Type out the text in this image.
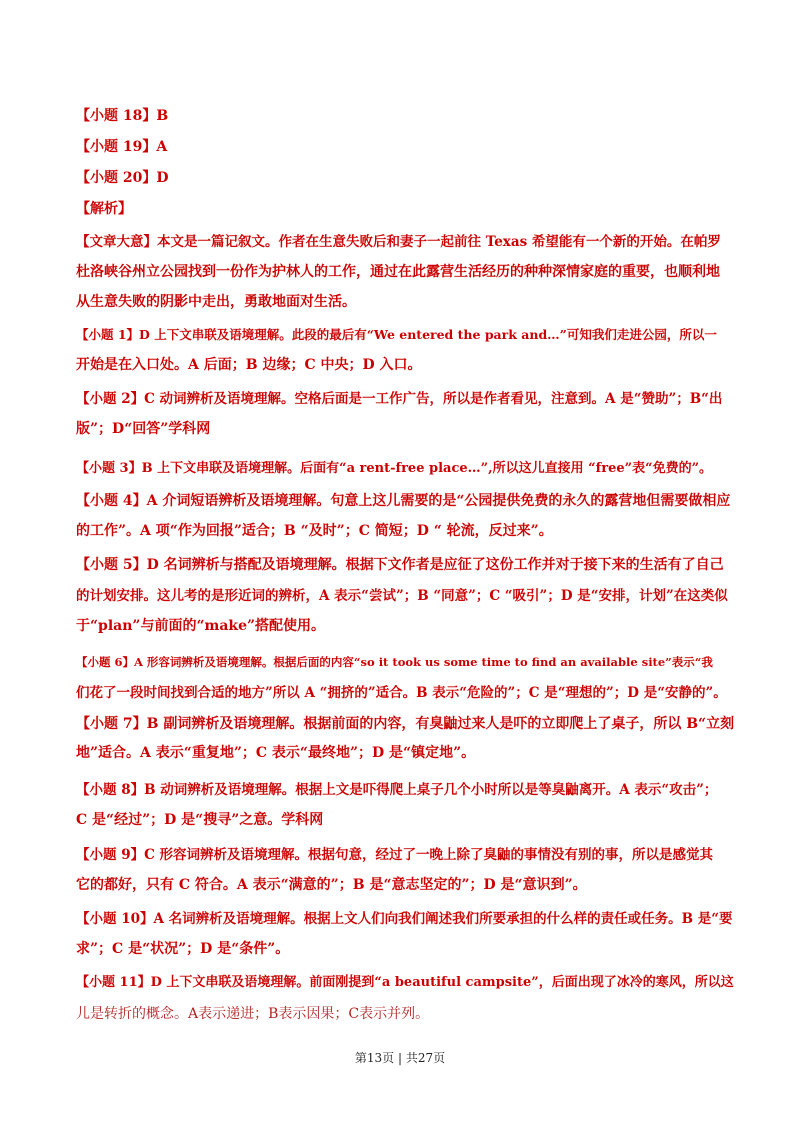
【小题 18】B
【小题 19】A
【小题 20】D
【解析】
【文章大意】本文是一篇记叙文。作者在生意失败后和妻子一起前往 Texas 希望能有一个新的开始。在帕罗
杜洛峡谷州立公园找到一份作为护林人的工作，通过在此露营生活经历的种种深情家庭的重要，也顺利地
从生意失败的阴影中走出，勇敢地面对生活。
【小题 1】D 上下文串联及语境理解。此段的最后有“We entered the park and…”可知我们走进公园，所以一
开始是在入口处。A 后面；B 边缘；C 中央；D 入口。
【小题 2】C 动词辨析及语境理解。空格后面是一工作广告，所以是作者看见，注意到。A 是“赞助”；B“出
版”；D“回答”学科网
【小题 3】B 上下文串联及语境理解。后面有“a rent-free place…”,所以这儿直接用 “free”表“免费的”。
【小题 4】A 介词短语辨析及语境理解。句意上这儿需要的是“公园提供免费的永久的露营地但需要做相应
的工作”。A 项“作为回报”适合；B “及时”；C 简短；D “ 轮流，反过来”。
【小题 5】D 名词辨析与搭配及语境理解。根据下文作者是应征了这份工作并对于接下来的生活有了自己
的计划安排。这儿考的是形近词的辨析，A 表示“尝试”；B “同意”；C “吸引”；D 是“安排，计划”在这类似
于“plan”与前面的“make”搭配使用。
【小题 6】A 形容词辨析及语境理解。根据后面的内容“so it took us some time to find an available site”表示“我
们花了一段时间找到合适的地方”所以 A “拥挤的”适合。B 表示“危险的”；C 是“理想的”；D 是“安静的”。
【小题 7】B 副词辨析及语境理解。根据前面的内容，有臭鼬过来人是吓的立即爬上了桌子，所以 B“立刻
地”适合。A 表示“重复地”；C 表示“最终地”；D 是“镇定地”。
【小题 8】B 动词辨析及语境理解。根据上文是吓得爬上桌子几个小时所以是等臭鼬离开。A 表示“攻击”；
C 是“经过”；D 是“搜寻”之意。学科网
【小题 9】C 形容词辨析及语境理解。根据句意，经过了一晚上除了臭鼬的事情没有别的事，所以是感觉其
它的都好，只有 C 符合。A 表示“满意的”；B 是“意志坚定的”；D 是“意识到”。
【小题 10】A 名词辨析及语境理解。根据上文人们向我们阐述我们所要承担的什么样的责任或任务。B 是“要
求”；C 是“状况”；D 是“条件”。
【小题 11】D 上下文串联及语境理解。前面刚提到“a beautiful campsite”，后面出现了冰冷的寒风，所以这
儿是转折的概念。A表示递进；B表示因果；C表示并列。
第13页 | 共27页
